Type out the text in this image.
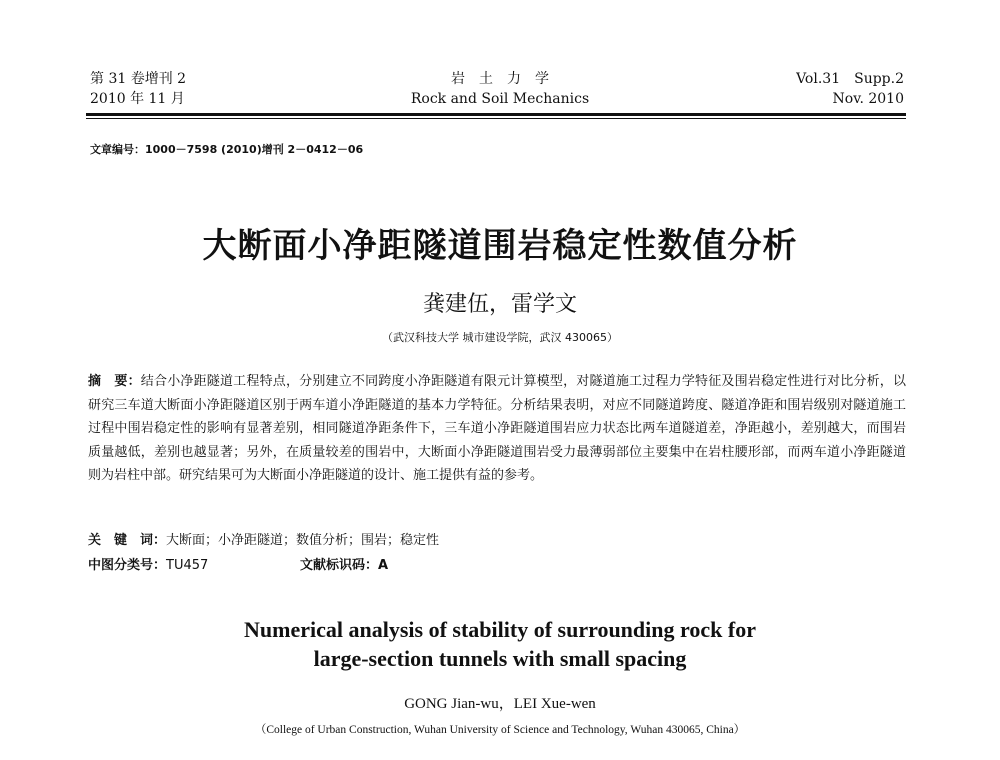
第 31 卷增刊 2
2010 年 11 月
岩　土　力　学
Rock and Soil Mechanics
Vol.31　Supp.2
Nov. 2010
文章编号：1000－7598 (2010)增刊 2－0412－06
大断面小净距隧道围岩稳定性数值分析
龚建伍，雷学文
（武汉科技大学 城市建设学院，武汉 430065）
摘　要：结合小净距隧道工程特点，分别建立不同跨度小净距隧道有限元计算模型，对隧道施工过程力学特征及围岩稳定性进行对比分析，以研究三车道大断面小净距隧道区别于两车道小净距隧道的基本力学特征。分析结果表明，对应不同隧道跨度、隧道净距和围岩级别对隧道施工过程中围岩稳定性的影响有显著差别，相同隧道净距条件下，三车道小净距隧道围岩应力状态比两车道隧道差，净距越小，差别越大，而围岩质量越低，差别也越显著；另外，在质量较差的围岩中，大断面小净距隧道围岩受力最薄弱部位主要集中在岩柱腰形部，而两车道小净距隧道则为岩柱中部。研究结果可为大断面小净距隧道的设计、施工提供有益的参考。
关　键　词：大断面；小净距隧道；数值分析；围岩；稳定性
中图分类号：TU457	文献标识码：A
Numerical analysis of stability of surrounding rock for
large-section tunnels with small spacing
GONG Jian-wu，LEI Xue-wen
（College of Urban Construction, Wuhan University of Science and Technology, Wuhan 430065, China）
